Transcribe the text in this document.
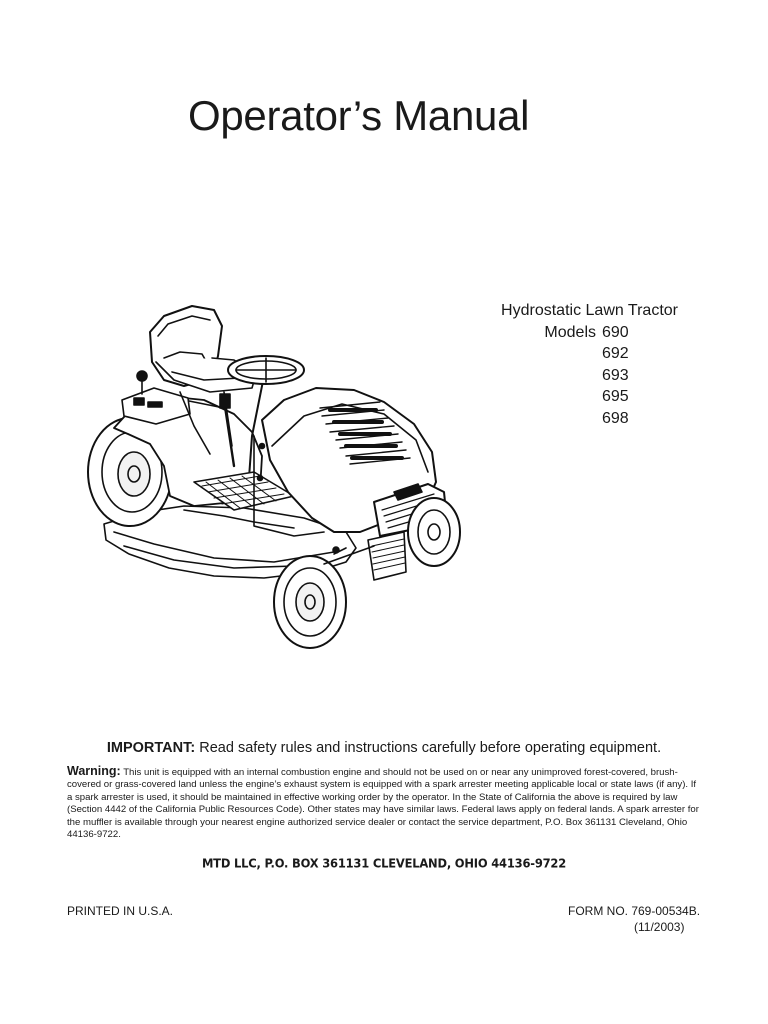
Operator’s Manual
Hydrostatic Lawn Tractor
Models 690
692
693
695
698
IMPORTANT: Read safety rules and instructions carefully before operating equipment.
Warning: This unit is equipped with an internal combustion engine and should not be used on or near any unimproved forest-covered, brush-covered or grass-covered land unless the engine’s exhaust system is equipped with a spark arrester meeting applicable local or state laws (if any). If a spark arrester is used, it should be maintained in effective working order by the operator. In the State of California the above is required by law (Section 4442 of the California Public Resources Code). Other states may have similar laws. Federal laws apply on federal lands. A spark arrester for the muffler is available through your nearest engine authorized service dealer or contact the service department, P.O. Box 361131 Cleveland, Ohio 44136-9722.
MTD LLC, P.O. BOX 361131 CLEVELAND, OHIO 44136-9722
PRINTED IN U.S.A.	FORM NO. 769-00534B.
(11/2003)
